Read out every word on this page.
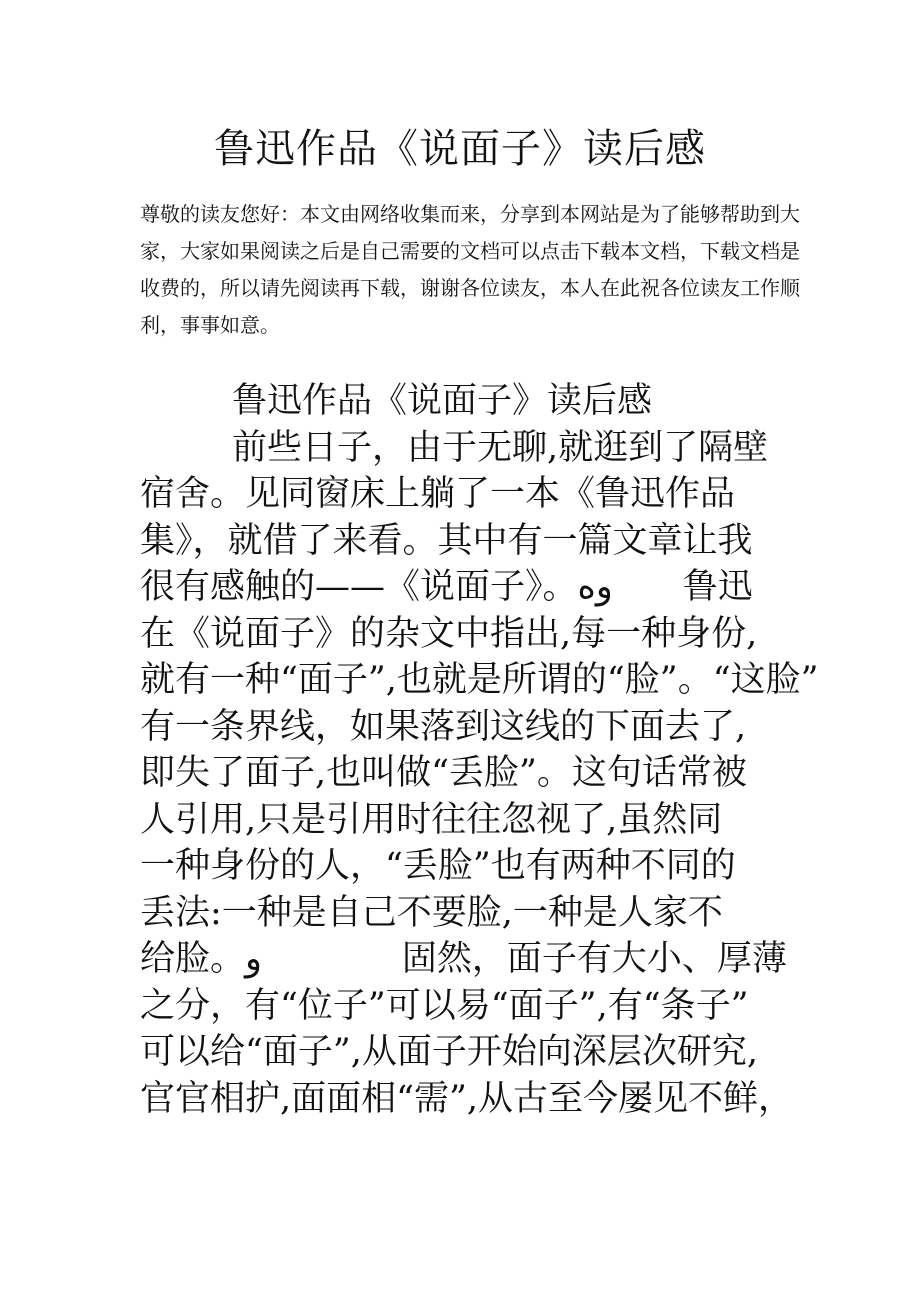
鲁迅作品《说面子》读后感
尊敬的读友您好：本文由网络收集而来，分享到本网站是为了能够帮助到大
家，大家如果阅读之后是自己需要的文档可以点击下载本文档，下载文档是
收费的，所以请先阅读再下载，谢谢各位读友，本人在此祝各位读友工作顺
利，事事如意。
鲁迅作品《说面子》读后感
前些日子，由于无聊,就逛到了隔壁
宿舍。见同窗床上躺了一本《鲁迅作品
集》，就借了来看。其中有一篇文章让我
很有感触的——《说面子》。وه　　鲁迅
在《说面子》的杂文中指出,每一种身份,
就有一种“面子”,也就是所谓的“脸”。“这脸”
有一条界线，如果落到这线的下面去了,
即失了面子,也叫做“丢脸”。这句话常被
人引用,只是引用时往往忽视了,虽然同
一种身份的人，“丢脸”也有两种不同的
丢法:一种是自己不要脸,一种是人家不
给脸。و　　　　固然，面子有大小、厚薄
之分，有“位子”可以易“面子”,有“条子”
可以给“面子”,从面子开始向深层次研究,
官官相护,面面相“需”,从古至今屡见不鲜，
